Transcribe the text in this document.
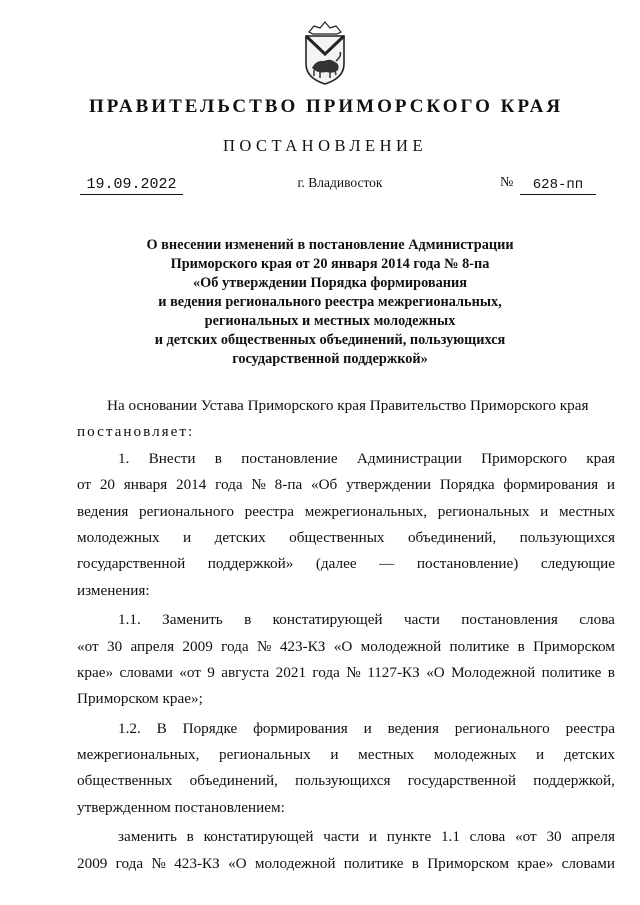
ПРАВИТЕЛЬСТВО ПРИМОРСКОГО КРАЯ
ПОСТАНОВЛЕНИЕ
19.09.2022	г. Владивосток	№	628-пп
О внесении изменений в постановление Администрации
Приморского края от 20 января 2014 года № 8-па
«Об утверждении Порядка формирования
и ведения регионального реестра межрегиональных,
региональных и местных молодежных
и детских общественных объединений, пользующихся
государственной поддержкой»
На основании Устава Приморского края Правительство Приморского края
постановляет:
1. Внести в постановление Администрации Приморского края
от 20 января 2014 года № 8-па «Об утверждении Порядка формирования и
ведения регионального реестра межрегиональных, региональных и местных
молодежных и детских общественных объединений, пользующихся
государственной поддержкой» (далее — постановление) следующие
изменения:
1.1. Заменить в констатирующей части постановления слова
«от 30 апреля 2009 года № 423-КЗ «О молодежной политике в Приморском
крае» словами «от 9 августа 2021 года № 1127-КЗ «О Молодежной политике в
Приморском крае»;
1.2. В Порядке формирования и ведения регионального реестра
межрегиональных, региональных и местных молодежных и детских
общественных объединений, пользующихся государственной поддержкой,
утвержденном постановлением:
заменить в констатирующей части и пункте 1.1 слова «от 30 апреля
2009 года № 423-КЗ «О молодежной политике в Приморском крае» словами
